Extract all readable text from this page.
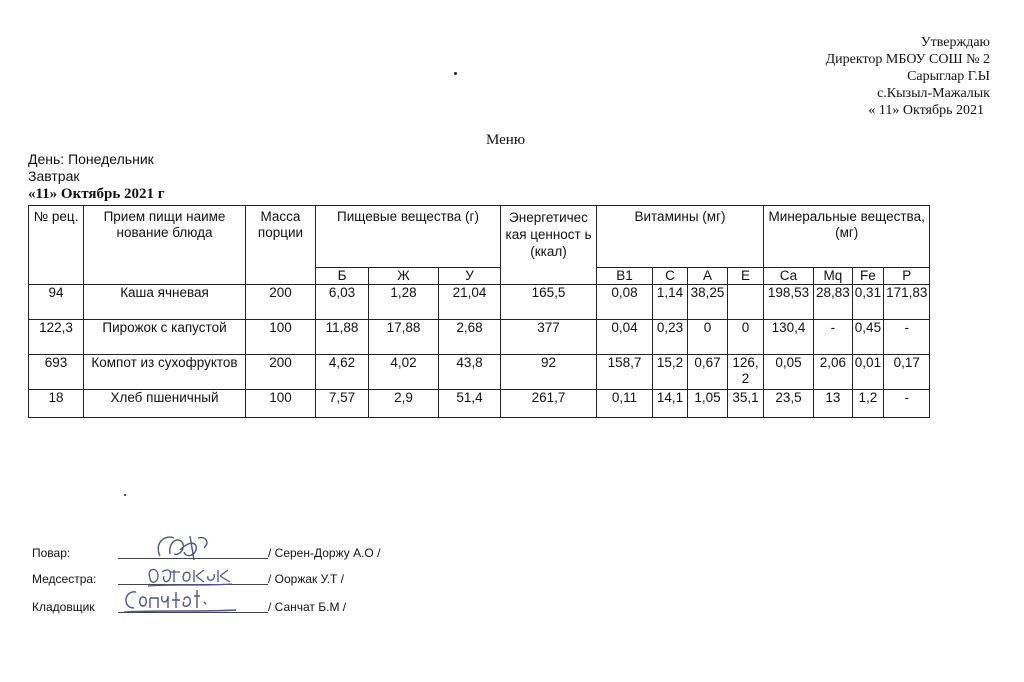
Утверждаю
Директор МБОУ СОШ № 2
Сарыглар Г.Ы
с.Кызыл-Мажалык
« 11» Октябрь 2021
Меню
День: Понедельник
Завтрак
«11» Октябрь 2021 г
№ рец.	Прием пищи наиме нование блюда	Масса порции	Пищевые вещества (г)			Энергетичес кая ценност ь (ккал)	Витамины (мг)				Минеральные вещества, (мг)			
			Б	Ж	У		В1	С	А	Е	Са	Mq	Fe	Р
94	Каша ячневая	200	6,03	1,28	21,04	165,5	0,08	1,14	38,25		198,53	28,83	0,31	171,83
122,3	Пирожок с капустой	100	11,88	17,88	2,68	377	0,04	0,23	0	0	130,4	-	0,45	-
693	Компот из сухофруктов	200	4,62	4,02	43,8	92	158,7	15,2	0,67	126,2	0,05	2,06	0,01	0,17
18	Хлеб пшеничный	100	7,57	2,9	51,4	261,7	0,11	14,1	1,05	35,1	23,5	13	1,2	-
Повар:	/ Серен-Доржу А.О /
Медсестра:	/ Ооржак У.Т /
Кладовщик	/ Санчат Б.М /
